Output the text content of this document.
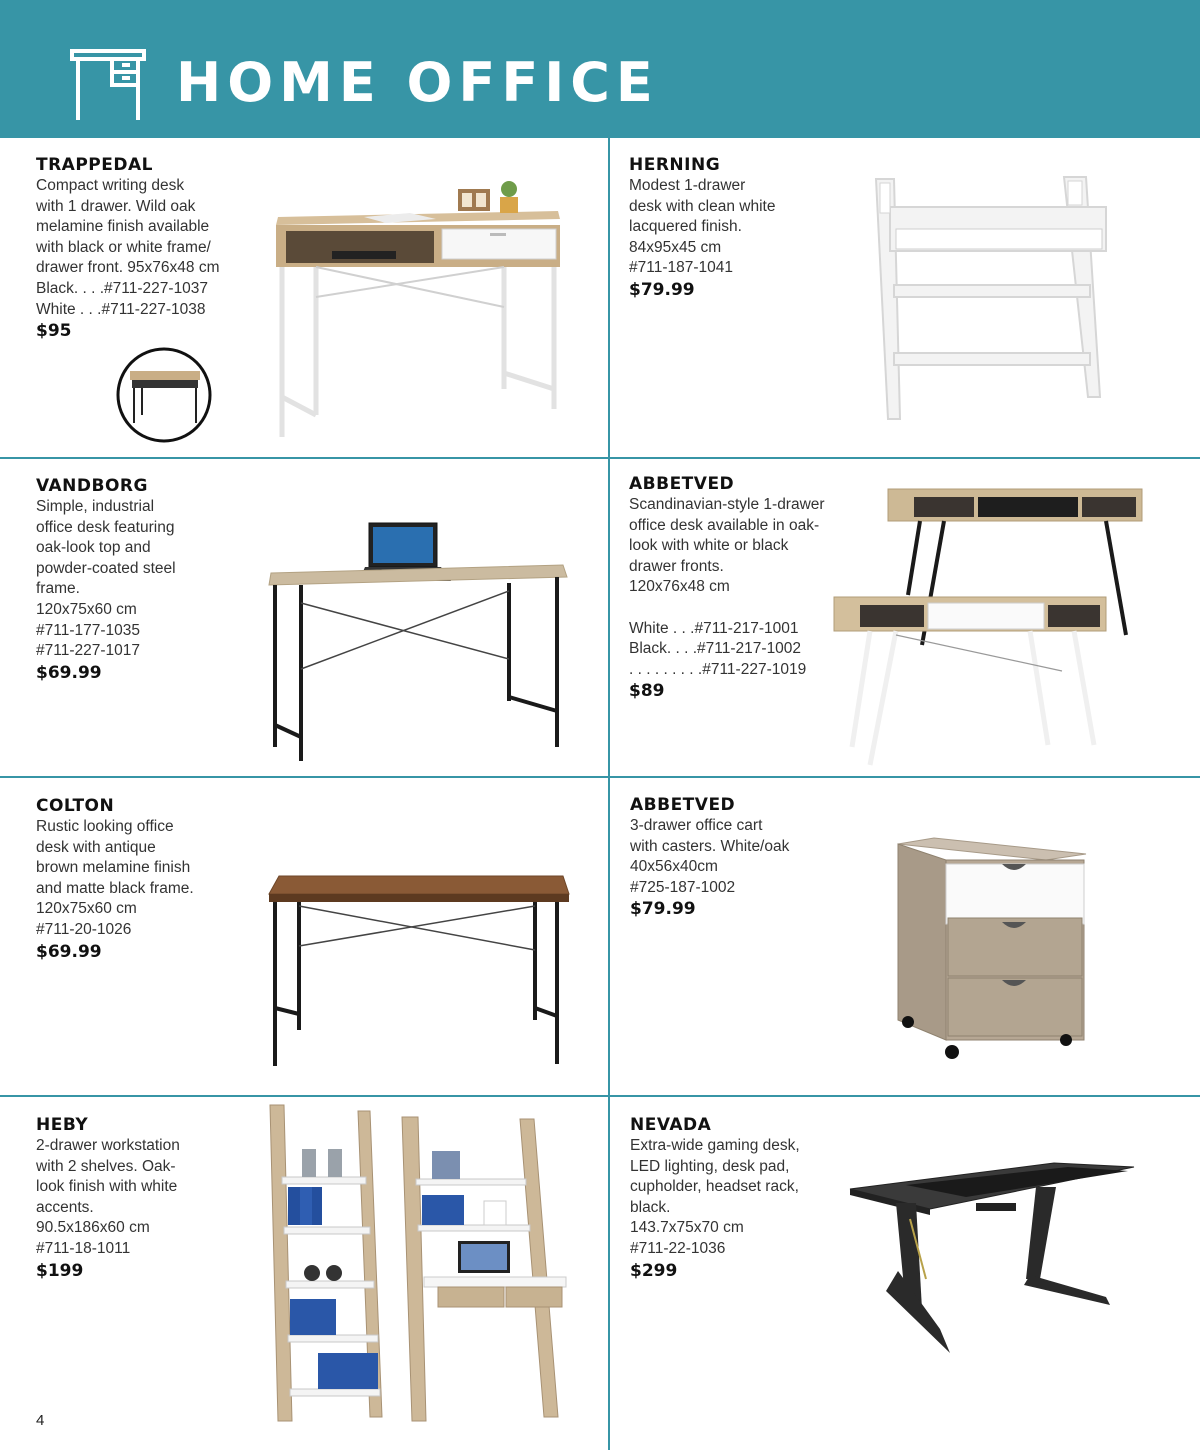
HOME OFFICE
TRAPPEDAL
Compact writing desk
with 1 drawer. Wild oak
melamine finish available
with black or white frame/
drawer front. 95x76x48 cm
Black. . . .#711-227-1037
White . . .#711-227-1038
$95
HERNING
Modest 1-drawer
desk with clean white
lacquered finish.
84x95x45 cm
#711-187-1041
$79.99
VANDBORG
Simple, industrial
office desk featuring
oak-look top and
powder-coated steel
frame.
120x75x60 cm
#711-177-1035
#711-227-1017
$69.99
ABBETVED
Scandinavian-style 1-drawer
office desk available in oak-
look with white or black
drawer fronts.
120x76x48 cm
White . . .#711-217-1001
Black. . . .#711-217-1002
. . . . . . . . .#711-227-1019
$89
COLTON
Rustic looking office
desk with antique
brown melamine finish
and matte black frame.
120x75x60 cm
#711-20-1026
$69.99
ABBETVED
3-drawer office cart
with casters. White/oak
40x56x40cm
#725-187-1002
$79.99
HEBY
2-drawer workstation
with 2 shelves. Oak-
look finish with white
accents.
90.5x186x60 cm
#711-18-1011
$199
NEVADA
Extra-wide gaming desk,
LED lighting, desk pad,
cupholder, headset rack,
black.
143.7x75x70 cm
#711-22-1036
$299
4
